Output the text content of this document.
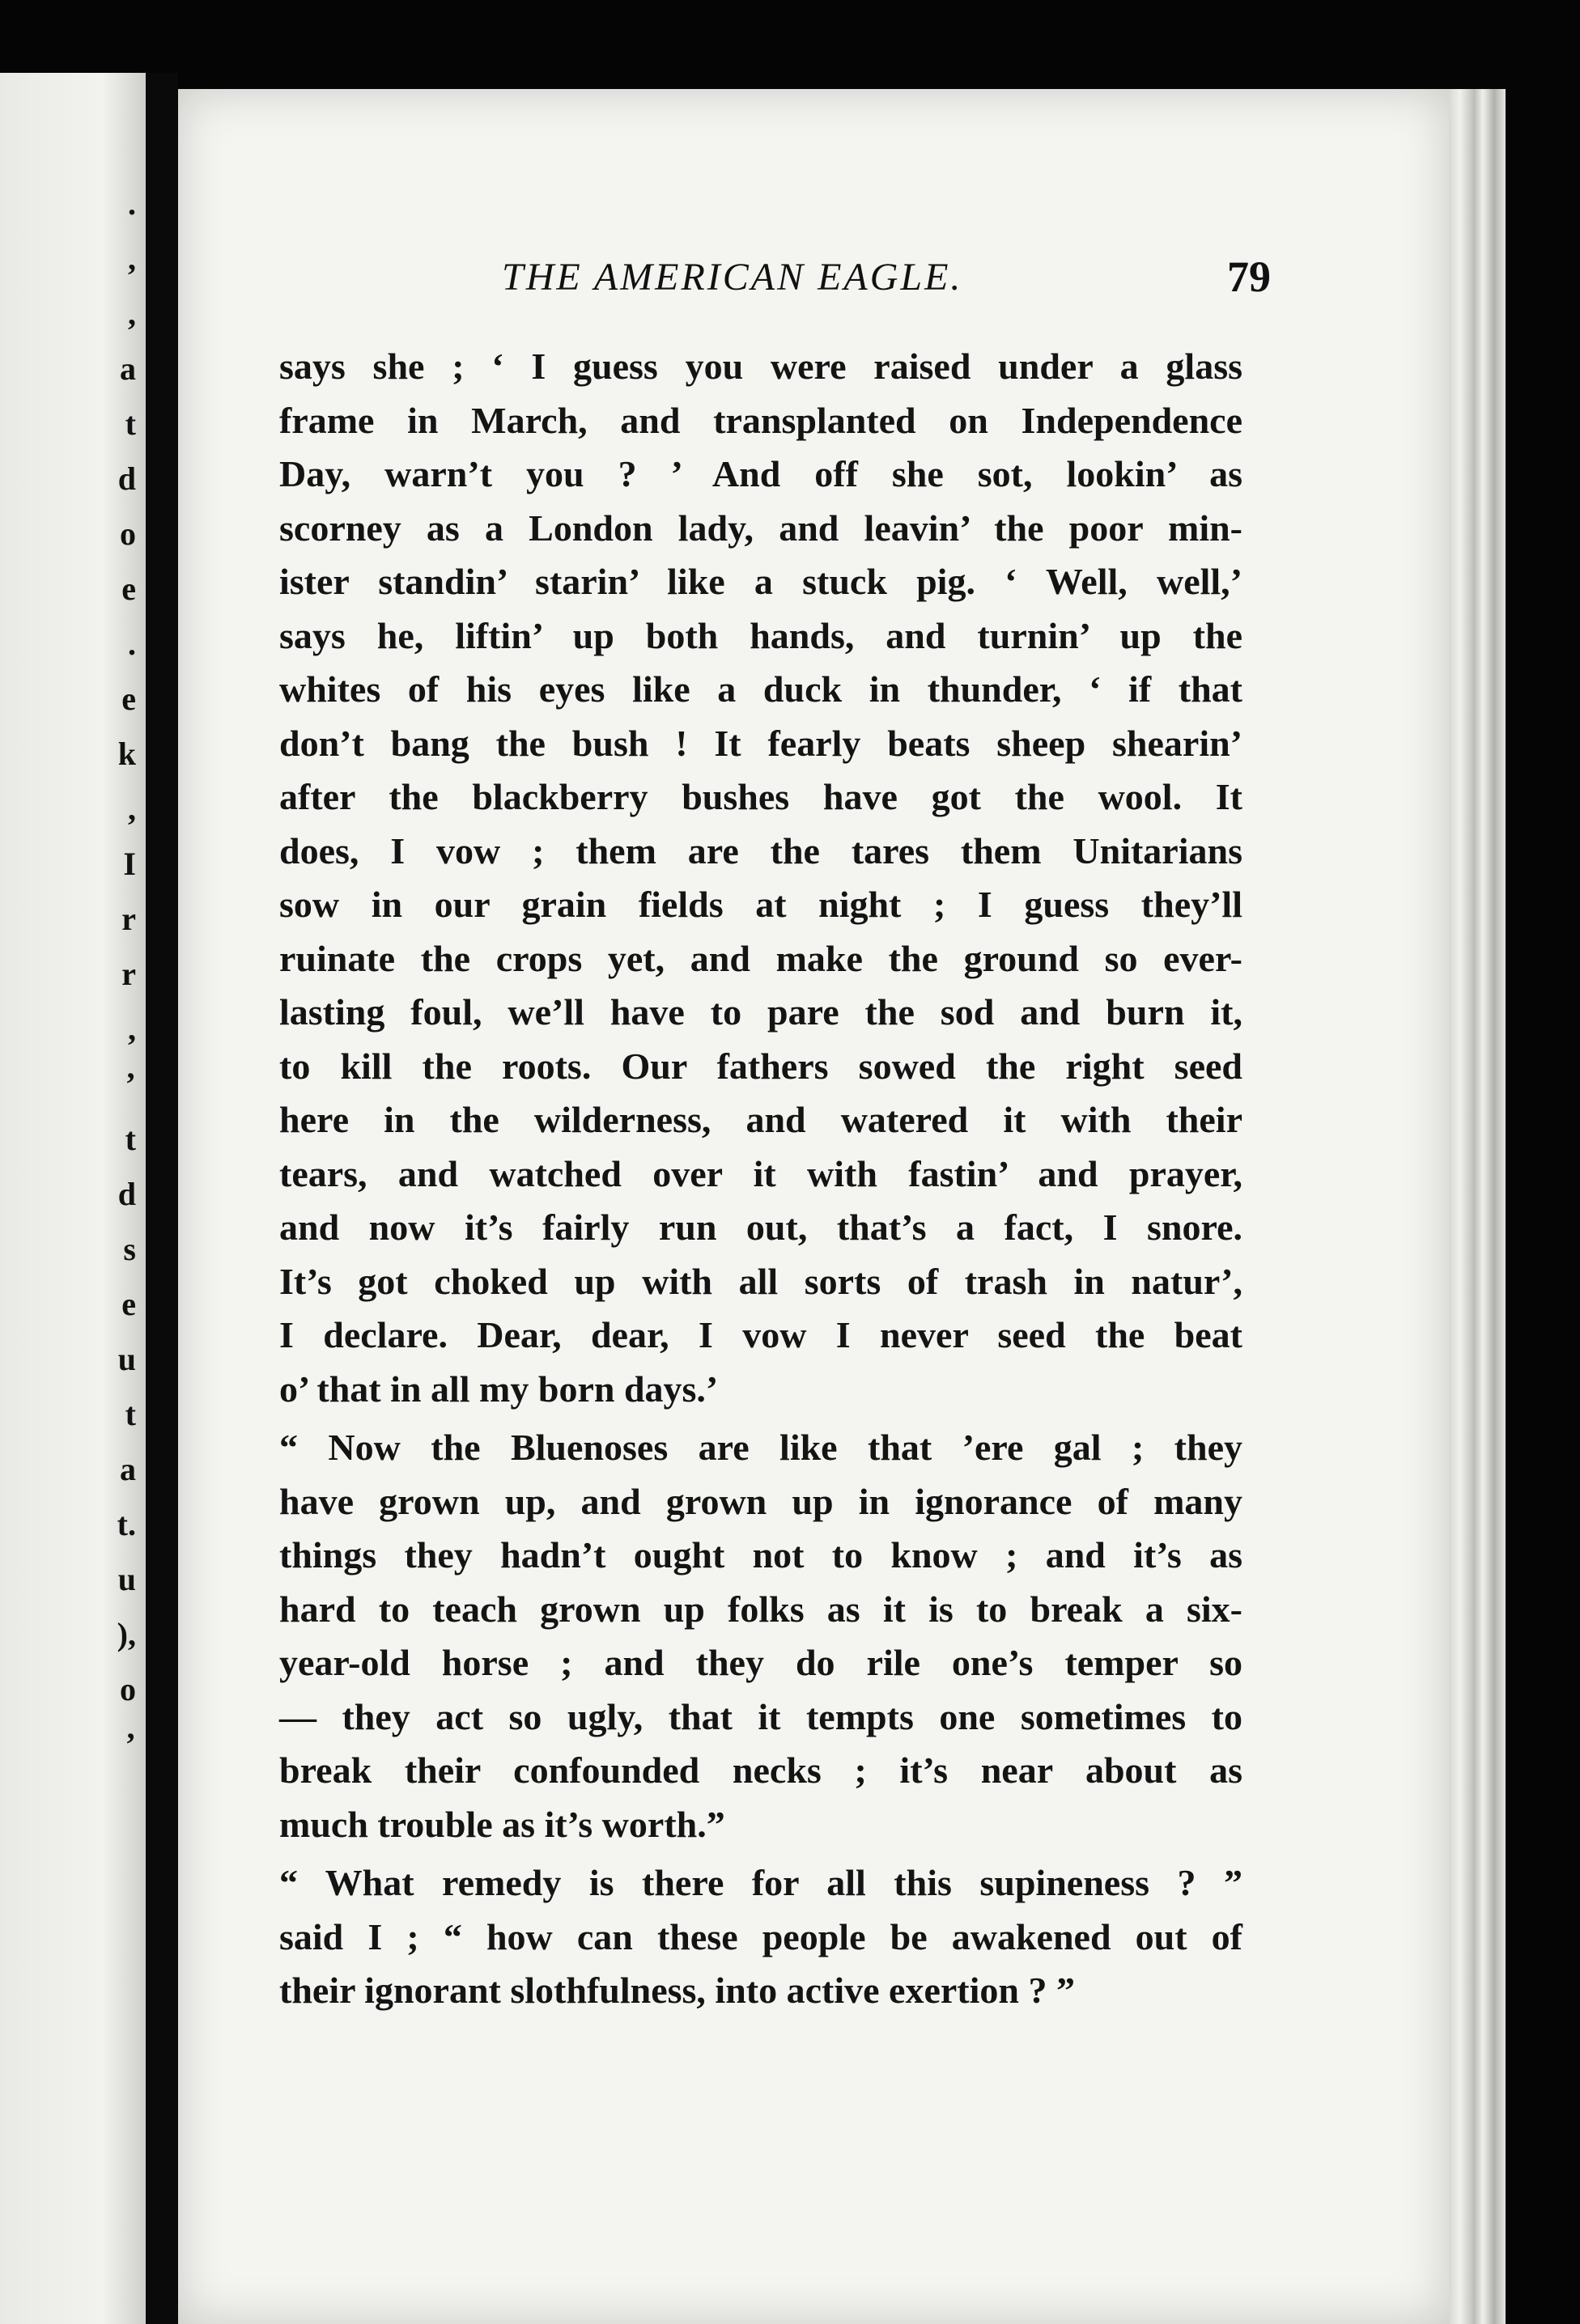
.
,
,
a
t
d
o
e
.
e
k
,
I
r
r
,
’
t
d
s
e
u
t
a
t.
u
),
o
’
THE AMERICAN EAGLE.	79
says she ; ‘ I guess you were raised under a glass
frame in March, and transplanted on Independence
Day, warn’t you ? ’ And off she sot, lookin’ as
scorney as a London lady, and leavin’ the poor min-
ister standin’ starin’ like a stuck pig. ‘ Well, well,’
says he, liftin’ up both hands, and turnin’ up the
whites of his eyes like a duck in thunder, ‘ if that
don’t bang the bush ! It fearly beats sheep shearin’
after the blackberry bushes have got the wool. It
does, I vow ; them are the tares them Unitarians
sow in our grain fields at night ; I guess they’ll
ruinate the crops yet, and make the ground so ever-
lasting foul, we’ll have to pare the sod and burn it,
to kill the roots. Our fathers sowed the right seed
here in the wilderness, and watered it with their
tears, and watched over it with fastin’ and prayer,
and now it’s fairly run out, that’s a fact, I snore.
It’s got choked up with all sorts of trash in natur’,
I declare. Dear, dear, I vow I never seed the beat
o’ that in all my born days.’
“ Now the Bluenoses are like that ’ere gal ; they
have grown up, and grown up in ignorance of many
things they hadn’t ought not to know ; and it’s as
hard to teach grown up folks as it is to break a six-
year-old horse ; and they do rile one’s temper so
— they act so ugly, that it tempts one sometimes to
break their confounded necks ; it’s near about as
much trouble as it’s worth.”
“ What remedy is there for all this supineness ? ”
said I ; “ how can these people be awakened out of
their ignorant slothfulness, into active exertion ? ”
